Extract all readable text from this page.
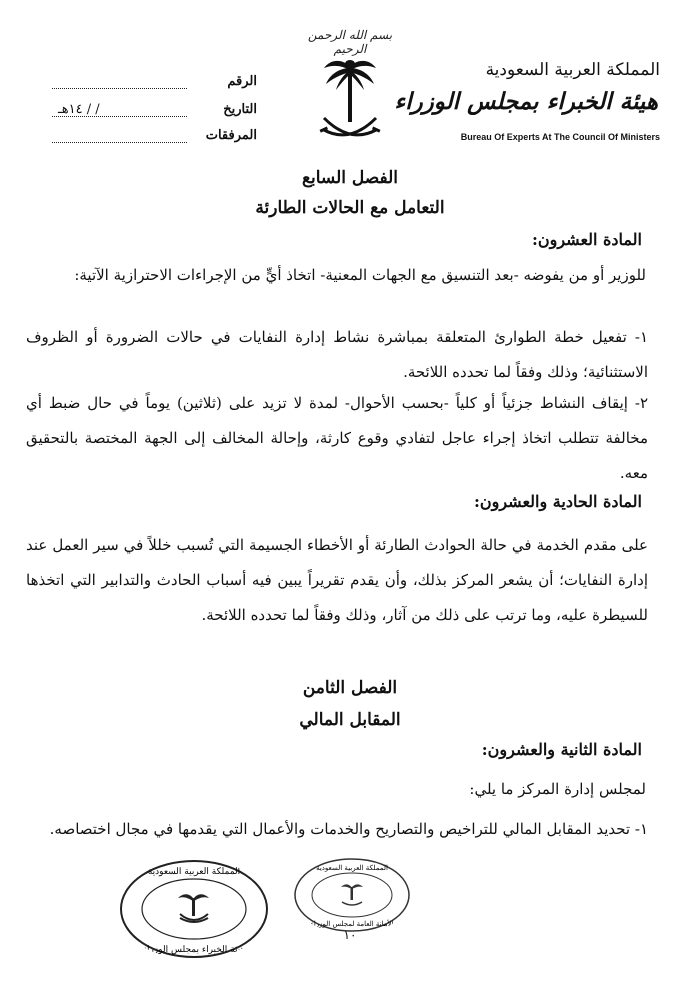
بسم الله الرحمن الرحيم
الرقم
التاريخ
/ / ١٤هـ
المرفقات
المملكة العربية السعودية
هيئة الخبراء بمجلس الوزراء
Bureau Of Experts At The Council Of Ministers
الفصل السابع
التعامل مع الحالات الطارئة
المادة العشرون:
للوزير أو من يفوضه -بعد التنسيق مع الجهات المعنية- اتخاذ أيٍّ من الإجراءات الاحترازية الآتية:
١- تفعيل خطة الطوارئ المتعلقة بمباشرة نشاط إدارة النفايات في حالات الضرورة أو الظروف الاستثنائية؛ وذلك وفقاً لما تحدده اللائحة.
٢- إيقاف النشاط جزئياً أو كلياً -بحسب الأحوال- لمدة لا تزيد على (ثلاثين) يوماً في حال ضبط أي مخالفة تتطلب اتخاذ إجراء عاجل لتفادي وقوع كارثة، وإحالة المخالف إلى الجهة المختصة بالتحقيق معه.
المادة الحادية والعشرون:
على مقدم الخدمة في حالة الحوادث الطارئة أو الأخطاء الجسيمة التي تُسبب خللاً في سير العمل عند إدارة النفايات؛ أن يشعر المركز بذلك، وأن يقدم تقريراً يبين فيه أسباب الحادث والتدابير التي اتخذها للسيطرة عليه، وما ترتب على ذلك من آثار، وذلك وفقاً لما تحدده اللائحة.
الفصل الثامن
المقابل المالي
المادة الثانية والعشرون:
لمجلس إدارة المركز ما يلي:
١- تحديد المقابل المالي للتراخيص والتصاريح والخدمات والأعمال التي يقدمها في مجال اختصاصه.
المملكة العربية السعودية
هيئة الخبراء بمجلس الوزراء
المملكة العربية السعودية
الأمانة العامة لمجلس الوزراء
١٠
